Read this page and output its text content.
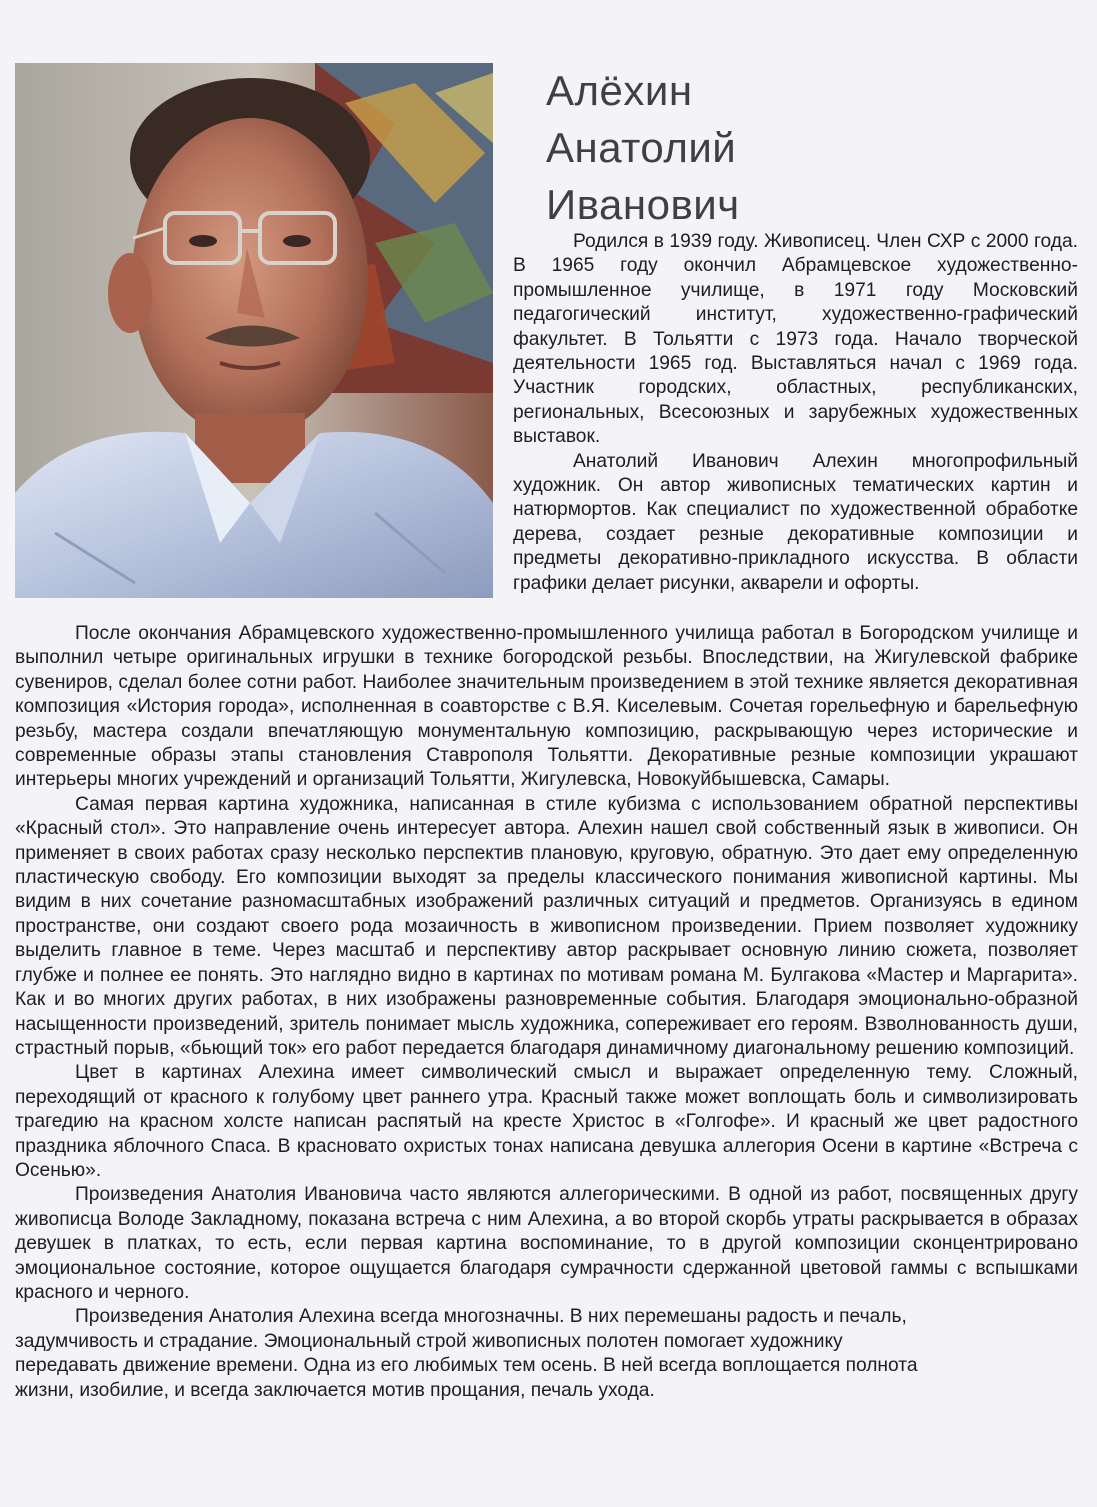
Алёхин
Анатолий
Иванович

Родился в 1939 году. Живописец. Член СХР с 2000 года. В 1965 году окончил Абрамцевское художественно-промышленное училище, в 1971 году Московский педагогический институт, художественно-графический факультет. В Тольятти с 1973 года. Начало творческой деятельности 1965 год. Выставляться начал с 1969 года. Участник городских, областных, республиканских, региональных, Всесоюзных и зарубежных художественных выставок.

Анатолий Иванович Алехин многопрофильный художник. Он автор живописных тематических картин и натюрмортов. Как специалист по художественной обработке дерева, создает резные декоративные композиции и предметы декоративно-прикладного искусства. В области графики делает рисунки, акварели и офорты.

После окончания Абрамцевского художественно-промышленного училища работал в Богородском училище и выполнил четыре оригинальных игрушки в технике богородской резьбы. Впоследствии, на Жигулевской фабрике сувениров, сделал более сотни работ. Наиболее значительным произведением в этой технике является декоративная композиция «История города», исполненная в соавторстве с В.Я. Киселевым. Сочетая горельефную и барельефную резьбу, мастера создали впечатляющую монументальную композицию, раскрывающую через исторические и современные образы этапы становления Ставрополя Тольятти. Декоративные резные композиции украшают интерьеры многих учреждений и организаций Тольятти, Жигулевска, Новокуйбышевска, Самары.

Самая первая картина художника, написанная в стиле кубизма с использованием обратной перспективы «Красный стол». Это направление очень интересует автора. Алехин нашел свой собственный язык в живописи. Он применяет в своих работах сразу несколько перспектив плановую, круговую, обратную. Это дает ему определенную пластическую свободу. Его композиции выходят за пределы классического понимания живописной картины. Мы видим в них сочетание разномасштабных изображений различных ситуаций и предметов. Организуясь в едином пространстве, они создают своего рода мозаичность в живописном произведении. Прием позволяет художнику выделить главное в теме. Через масштаб и перспективу автор раскрывает основную линию сюжета, позволяет глубже и полнее ее понять. Это наглядно видно в картинах по мотивам романа М. Булгакова «Мастер и Маргарита». Как и во многих других работах, в них изображены разновременные события. Благодаря эмоционально-образной насыщенности произведений, зритель понимает мысль художника, сопереживает его героям. Взволнованность души, страстный порыв, «бьющий ток» его работ передается благодаря динамичному диагональному решению композиций.

Цвет в картинах Алехина имеет символический смысл и выражает определенную тему. Сложный, переходящий от красного к голубому цвет раннего утра. Красный также может воплощать боль и символизировать трагедию на красном холсте написан распятый на кресте Христос в «Голгофе». И красный же цвет радостного праздника яблочного Спаса. В красновато охристых тонах написана девушка аллегория Осени в картине «Встреча с Осенью».

Произведения Анатолия Ивановича часто являются аллегорическими. В одной из работ, посвященных другу живописца Володе Закладному, показана встреча с ним Алехина, а во второй скорбь утраты раскрывается в образах девушек в платках, то есть, если первая картина воспоминание, то в другой композиции сконцентрировано эмоциональное состояние, которое ощущается благодаря сумрачности сдержанной цветовой гаммы с вспышками красного и черного.

Произведения Анатолия Алехина всегда многозначны. В них перемешаны радость и печаль,
задумчивость и страдание. Эмоциональный строй живописных полотен помогает художнику
передавать движение времени. Одна из его любимых тем осень. В ней всегда воплощается полнота
жизни, изобилие, и всегда заключается мотив прощания, печаль ухода.
